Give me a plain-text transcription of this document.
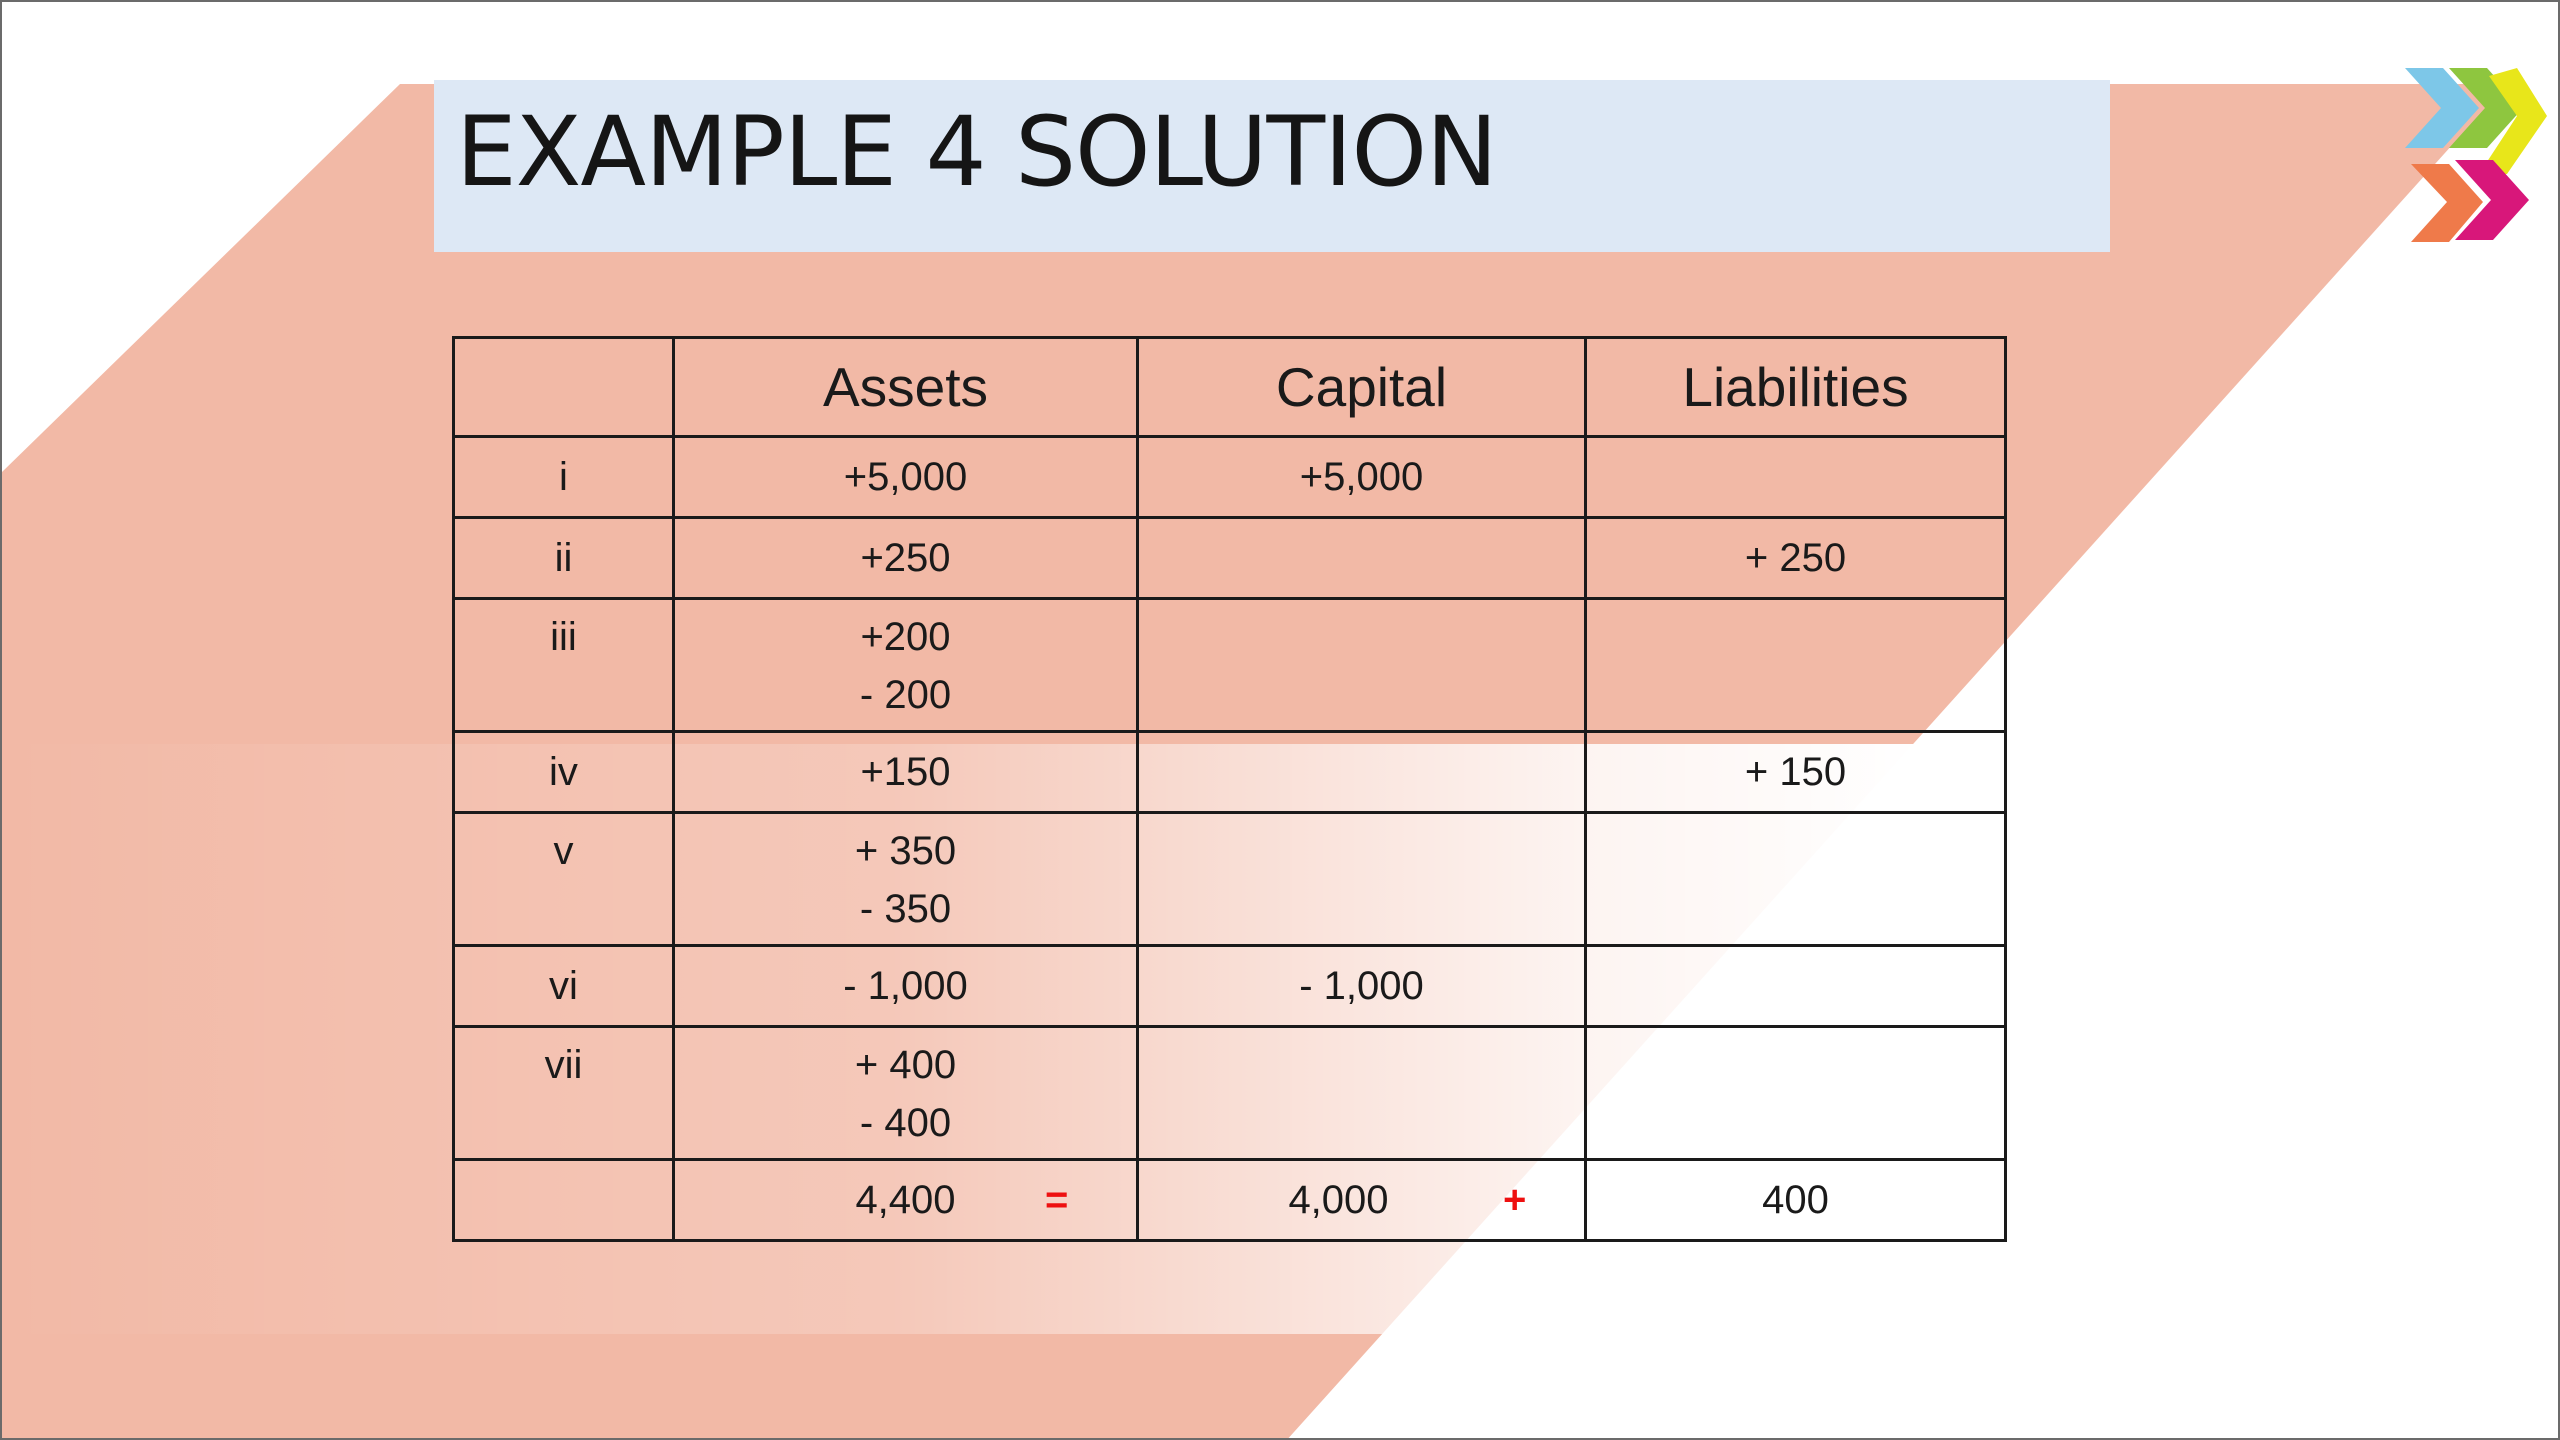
EXAMPLE 4 SOLUTION
	Assets	Capital	Liabilities

i	+5,000	+5,000	

ii	+250		+ 250

iii	+200
- 200		

iv	+150		+ 150

v	+ 350
- 350		

vi	- 1,000	- 1,000	

vii	+ 400
- 400		

	4,400 =	4,000 +	400
